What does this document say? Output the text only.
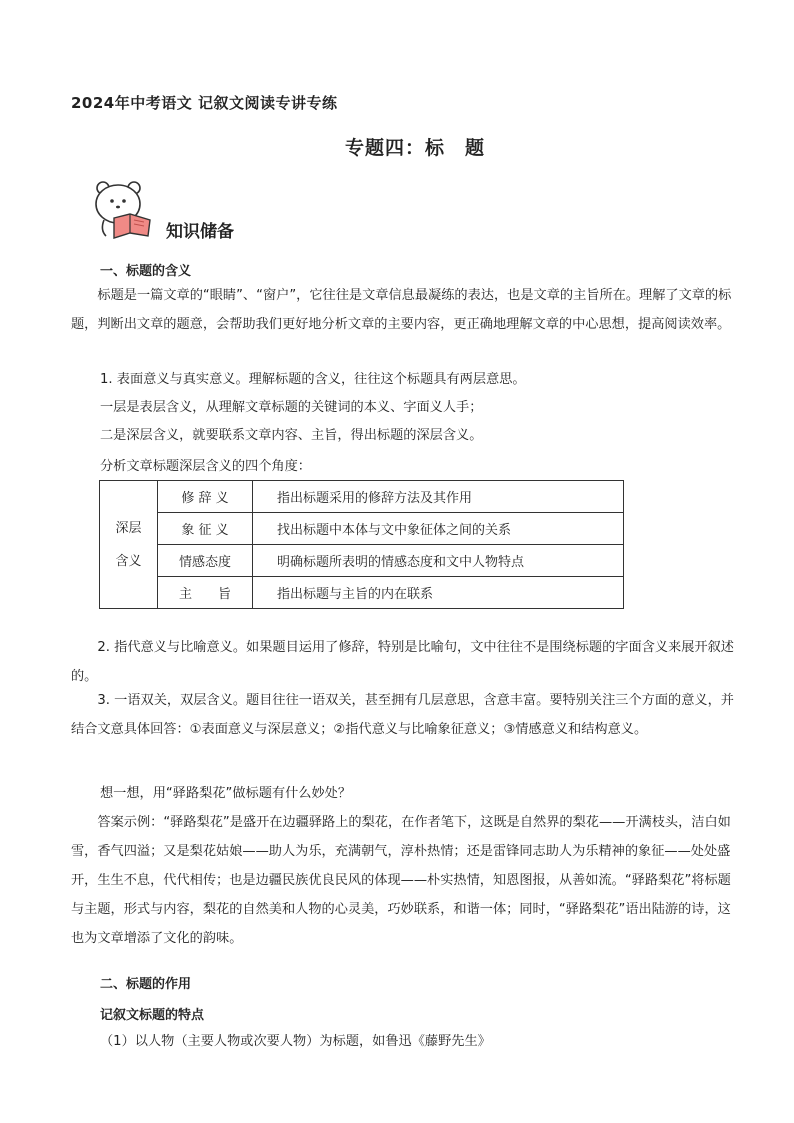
2024年中考语文 记叙文阅读专讲专练
专题四：标　题
知识储备
一、标题的含义
标题是一篇文章的“眼睛”、“窗户”，它往往是文章信息最凝练的表达，也是文章的主旨所在。理解了文章的标题，判断出文章的题意，会帮助我们更好地分析文章的主要内容，更正确地理解文章的中心思想，提高阅读效率。
1. 表面意义与真实意义。理解标题的含义，往往这个标题具有两层意思。
一层是表层含义，从理解文章标题的关键词的本义、字面义人手；
二是深层含义，就要联系文章内容、主旨，得出标题的深层含义。
分析文章标题深层含义的四个角度：
深层
含义	修 辞 义	指出标题采用的修辞方法及其作用
	象 征 义	找出标题中本体与文中象征体之间的关系
	情感态度	明确标题所表明的情感态度和文中人物特点
	主　　旨	指出标题与主旨的内在联系
2. 指代意义与比喻意义。如果题目运用了修辞，特别是比喻句，文中往往不是围绕标题的字面含义来展开叙述的。
3. 一语双关，双层含义。题目往往一语双关，甚至拥有几层意思，含意丰富。要特别关注三个方面的意义，并结合文意具体回答：①表面意义与深层意义；②指代意义与比喻象征意义；③情感意义和结构意义。
想一想，用“驿路梨花”做标题有什么妙处？
答案示例：“驿路梨花”是盛开在边疆驿路上的梨花，在作者笔下，这既是自然界的梨花——开满枝头，洁白如雪，香气四溢；又是梨花姑娘——助人为乐，充满朝气，淳朴热情；还是雷锋同志助人为乐精神的象征——处处盛开，生生不息，代代相传；也是边疆民族优良民风的体现——朴实热情，知恩图报，从善如流。“驿路梨花”将标题与主题，形式与内容，梨花的自然美和人物的心灵美，巧妙联系，和谐一体；同时，“驿路梨花”语出陆游的诗，这也为文章增添了文化的韵味。
二、标题的作用
记叙文标题的特点
（1）以人物（主要人物或次要人物）为标题，如鲁迅《藤野先生》
